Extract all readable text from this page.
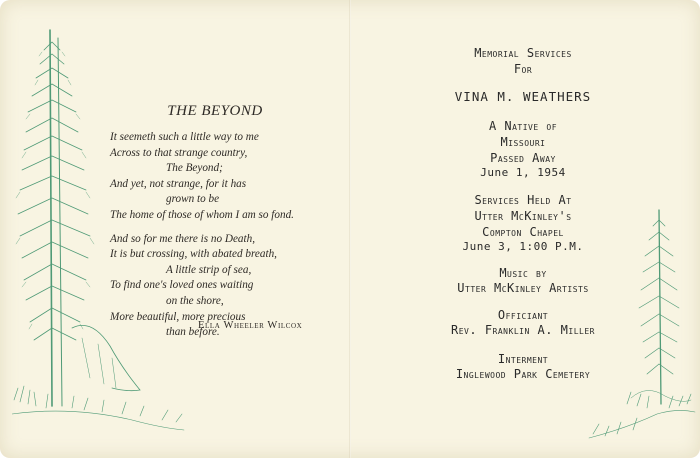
THE BEYOND
It seemeth such a little way to me
Across to that strange country,
The Beyond;
And yet, not strange, for it has
grown to be
The home of those of whom I am so fond.
And so for me there is no Death,
It is but crossing, with abated breath,
A little strip of sea,
To find one's loved ones waiting
on the shore,
More beautiful, more precious
than before.
Ella Wheeler Wilcox
Memorial Services
For
VINA M. WEATHERS
A Native of
Missouri
Passed Away
June 1, 1954
Services Held At
Utter McKinley's
Compton Chapel
June 3, 1:00 P.M.
Music by
Utter McKinley Artists
Officiant
Rev. Franklin A. Miller
Interment
Inglewood Park Cemetery
